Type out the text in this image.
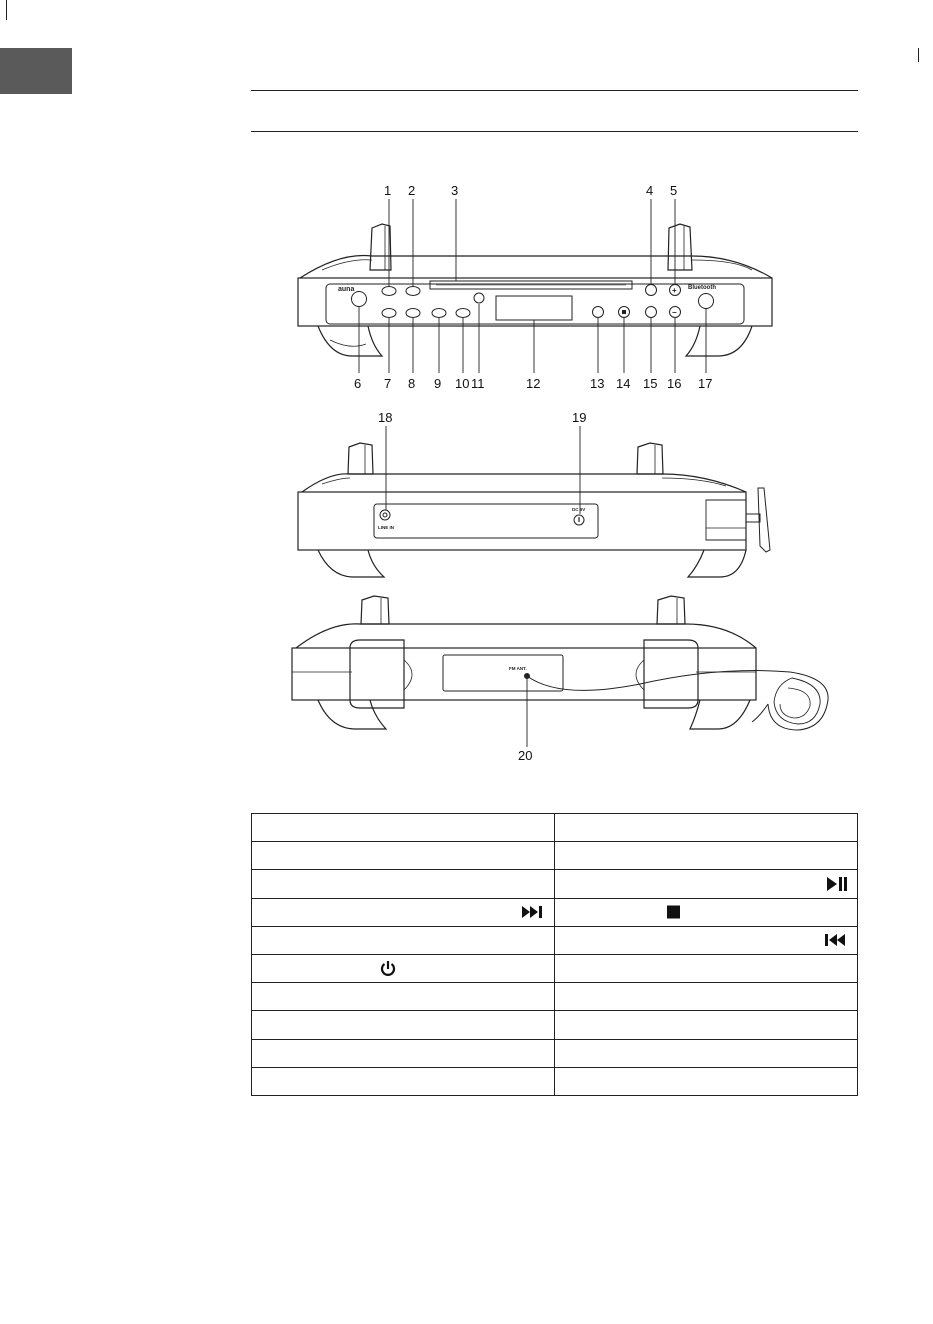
+
−
auna	Bluetooth
1 2	3	4 5
6 7 8 9 10 11	12	13 14 15 16 17
LINE IN
DC 9V
18	19
FM ANT.
20
